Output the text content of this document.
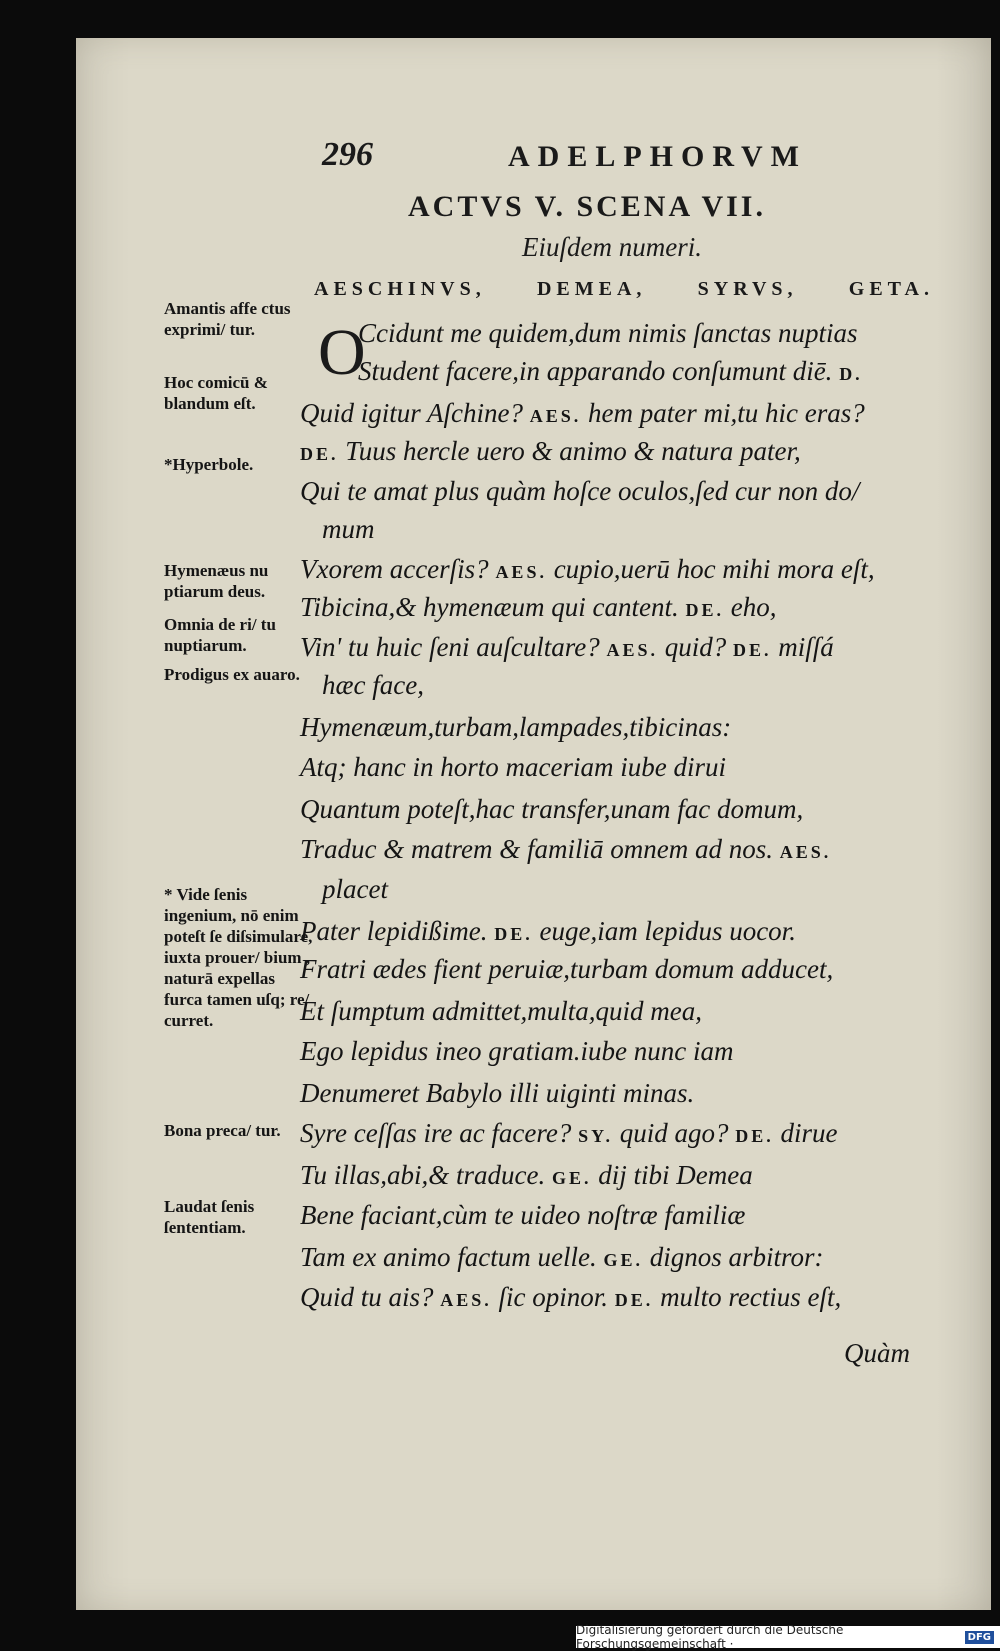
296	ADELPHORVM
ACTVS V. SCENA VII.
Eiuſdem numeri.
AESCHINVS,	DEMEA,	SYRVS,	GETA.
O
Ccidunt me quidem,dum nimis ſanctas nuptias
Student facere,in apparando conſumunt diē. D.
Quid igitur Aſchine? AES. hem pater mi,tu hic eras?
DE. Tuus hercle uero & animo & natura pater,
Qui te amat plus quàm hoſce oculos,ſed cur non do/
mum
Vxorem accerſis? AES. cupio,uerū hoc mihi mora eſt,
Tibicina,& hymenæum qui cantent. DE. eho,
Vin' tu huic ſeni auſcultare? AES. quid? DE. miſſá
hæc face,
Hymenæum,turbam,lampades,tibicinas:
Atq; hanc in horto maceriam iube dirui
Quantum poteſt,hac transfer,unam fac domum,
Traduc & matrem & familiā omnem ad nos. AES.
placet
Pater lepidißime. DE. euge,iam lepidus uocor.
Fratri ædes fient peruiæ,turbam domum adducet,
Et ſumptum admittet,multa,quid mea,
Ego lepidus ineo gratiam.iube nunc iam
Denumeret Babylo illi uiginti minas.
Syre ceſſas ire ac facere? SY. quid ago? DE. dirue
Tu illas,abi,& traduce. GE. dij tibi Demea
Bene faciant,cùm te uideo noſtræ familiæ
Tam ex animo factum uelle. GE. dignos arbitror:
Quid tu ais? AES. ſic opinor. DE. multo rectius eſt,
Amantis affe ctus exprimi/ tur.
Hoc comicū & blandum eſt.
*Hyperbole.
Hymenæus nu ptiarum deus.
Omnia de ri/ tu nuptiarum.
Prodigus ex auaro.
* Vide ſenis ingenium, nō enim poteſt ſe diſsimulare, iuxta prouer/ bium , naturā expellas furca tamen uſq; re/ curret.
Bona preca/ tur.
Laudat ſenis ſententiam.
Quàm
Digitalisierung gefördert durch die Deutsche Forschungsgemeinschaft ·	DFG
